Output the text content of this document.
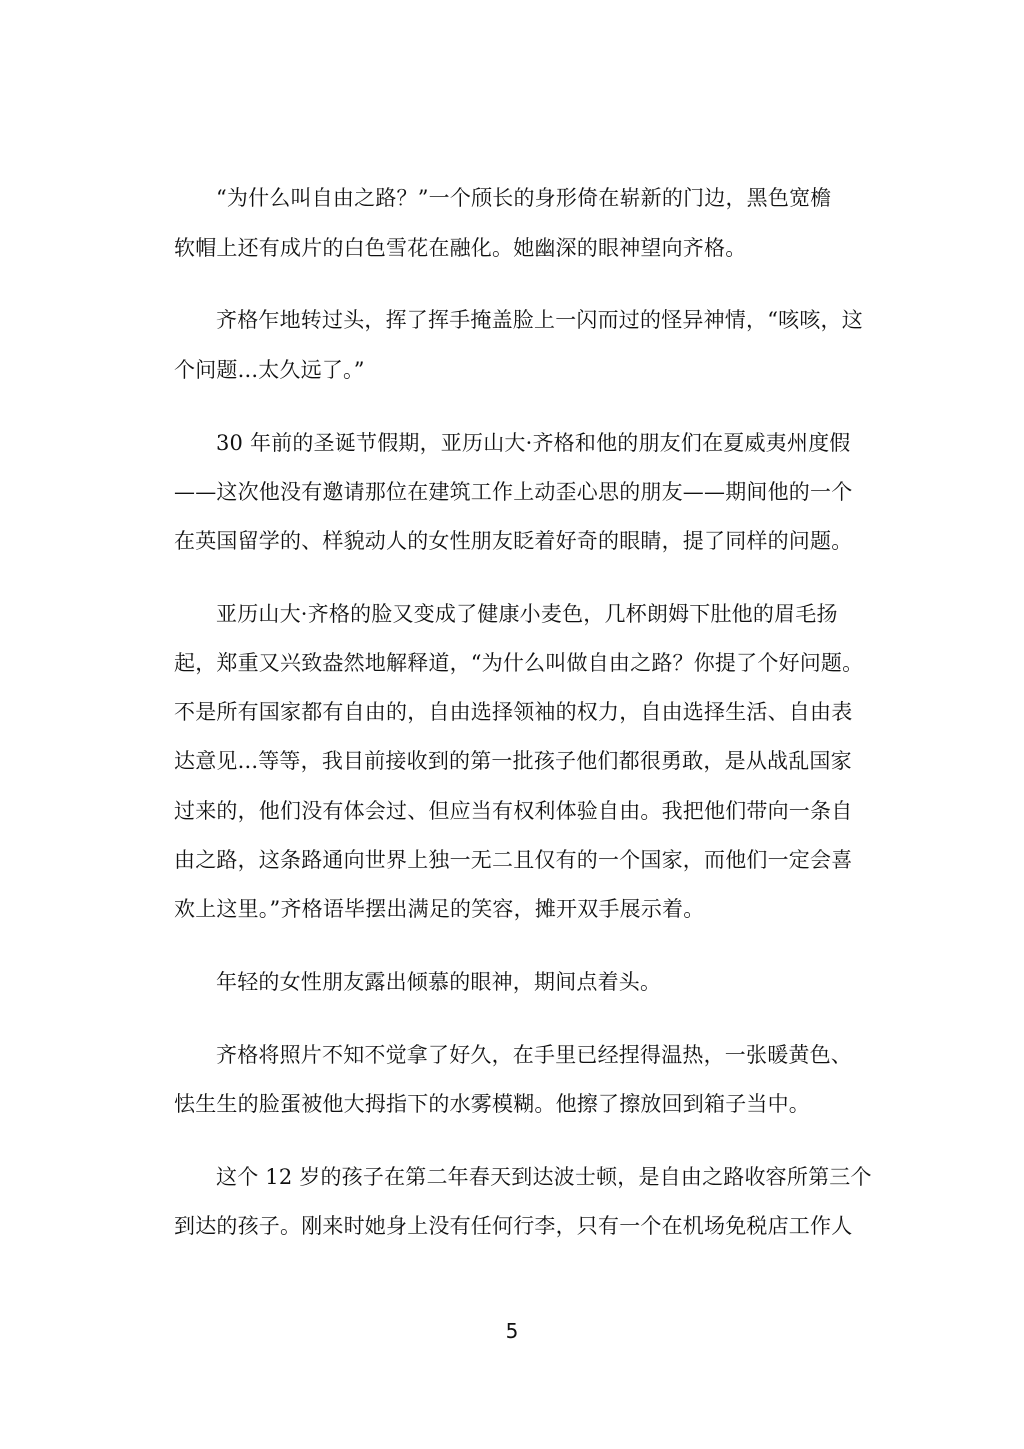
“为什么叫自由之路？”一个颀长的身形倚在崭新的门边，黑色宽檐
软帽上还有成片的白色雪花在融化。她幽深的眼神望向齐格。
齐格乍地转过头，挥了挥手掩盖脸上一闪而过的怪异神情，“咳咳，这
个问题...太久远了。”
30 年前的圣诞节假期，亚历山大·齐格和他的朋友们在夏威夷州度假
——这次他没有邀请那位在建筑工作上动歪心思的朋友——期间他的一个
在英国留学的、样貌动人的女性朋友眨着好奇的眼睛，提了同样的问题。
亚历山大·齐格的脸又变成了健康小麦色，几杯朗姆下肚他的眉毛扬
起，郑重又兴致盎然地解释道，“为什么叫做自由之路？你提了个好问题。
不是所有国家都有自由的，自由选择领袖的权力，自由选择生活、自由表
达意见...等等，我目前接收到的第一批孩子他们都很勇敢，是从战乱国家
过来的，他们没有体会过、但应当有权利体验自由。我把他们带向一条自
由之路，这条路通向世界上独一无二且仅有的一个国家，而他们一定会喜
欢上这里。”齐格语毕摆出满足的笑容，摊开双手展示着。
年轻的女性朋友露出倾慕的眼神，期间点着头。
齐格将照片不知不觉拿了好久，在手里已经捏得温热，一张暖黄色、
怯生生的脸蛋被他大拇指下的水雾模糊。他擦了擦放回到箱子当中。
这个 12 岁的孩子在第二年春天到达波士顿，是自由之路收容所第三个
到达的孩子。刚来时她身上没有任何行李，只有一个在机场免税店工作人
5
